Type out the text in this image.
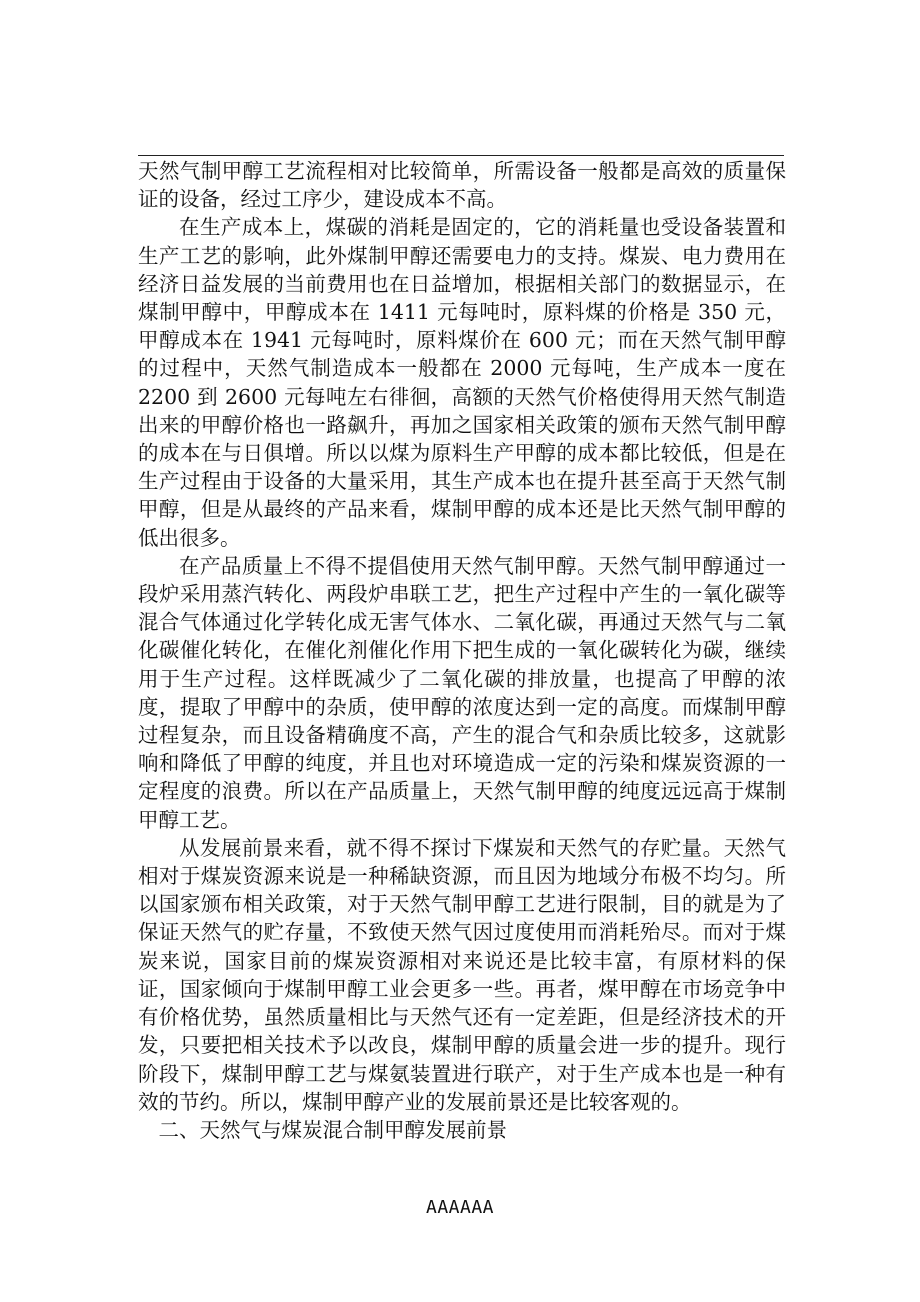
天然气制甲醇工艺流程相对比较简单，所需设备一般都是高效的质量保证的设备，经过工序少，建设成本不高。

在生产成本上，煤碳的消耗是固定的，它的消耗量也受设备装置和生产工艺的影响，此外煤制甲醇还需要电力的支持。煤炭、电力费用在经济日益发展的当前费用也在日益增加，根据相关部门的数据显示，在煤制甲醇中，甲醇成本在 1411 元每吨时，原料煤的价格是 350 元，甲醇成本在 1941 元每吨时，原料煤价在 600 元；而在天然气制甲醇的过程中，天然气制造成本一般都在 2000 元每吨，生产成本一度在 2200 到 2600 元每吨左右徘徊，高额的天然气价格使得用天然气制造出来的甲醇价格也一路飙升，再加之国家相关政策的颁布天然气制甲醇的成本在与日俱增。所以以煤为原料生产甲醇的成本都比较低，但是在生产过程由于设备的大量采用，其生产成本也在提升甚至高于天然气制甲醇，但是从最终的产品来看，煤制甲醇的成本还是比天然气制甲醇的低出很多。

在产品质量上不得不提倡使用天然气制甲醇。天然气制甲醇通过一段炉采用蒸汽转化、两段炉串联工艺，把生产过程中产生的一氧化碳等混合气体通过化学转化成无害气体水、二氧化碳，再通过天然气与二氧化碳催化转化，在催化剂催化作用下把生成的一氧化碳转化为碳，继续用于生产过程。这样既减少了二氧化碳的排放量，也提高了甲醇的浓度，提取了甲醇中的杂质，使甲醇的浓度达到一定的高度。而煤制甲醇过程复杂，而且设备精确度不高，产生的混合气和杂质比较多，这就影响和降低了甲醇的纯度，并且也对环境造成一定的污染和煤炭资源的一定程度的浪费。所以在产品质量上，天然气制甲醇的纯度远远高于煤制甲醇工艺。

从发展前景来看，就不得不探讨下煤炭和天然气的存贮量。天然气相对于煤炭资源来说是一种稀缺资源，而且因为地域分布极不均匀。所以国家颁布相关政策，对于天然气制甲醇工艺进行限制，目的就是为了保证天然气的贮存量，不致使天然气因过度使用而消耗殆尽。而对于煤炭来说，国家目前的煤炭资源相对来说还是比较丰富，有原材料的保证，国家倾向于煤制甲醇工业会更多一些。再者，煤甲醇在市场竞争中有价格优势，虽然质量相比与天然气还有一定差距，但是经济技术的开发，只要把相关技术予以改良，煤制甲醇的质量会进一步的提升。现行阶段下，煤制甲醇工艺与煤氨装置进行联产，对于生产成本也是一种有效的节约。所以，煤制甲醇产业的发展前景还是比较客观的。

二、天然气与煤炭混合制甲醇发展前景

AAAAAA
